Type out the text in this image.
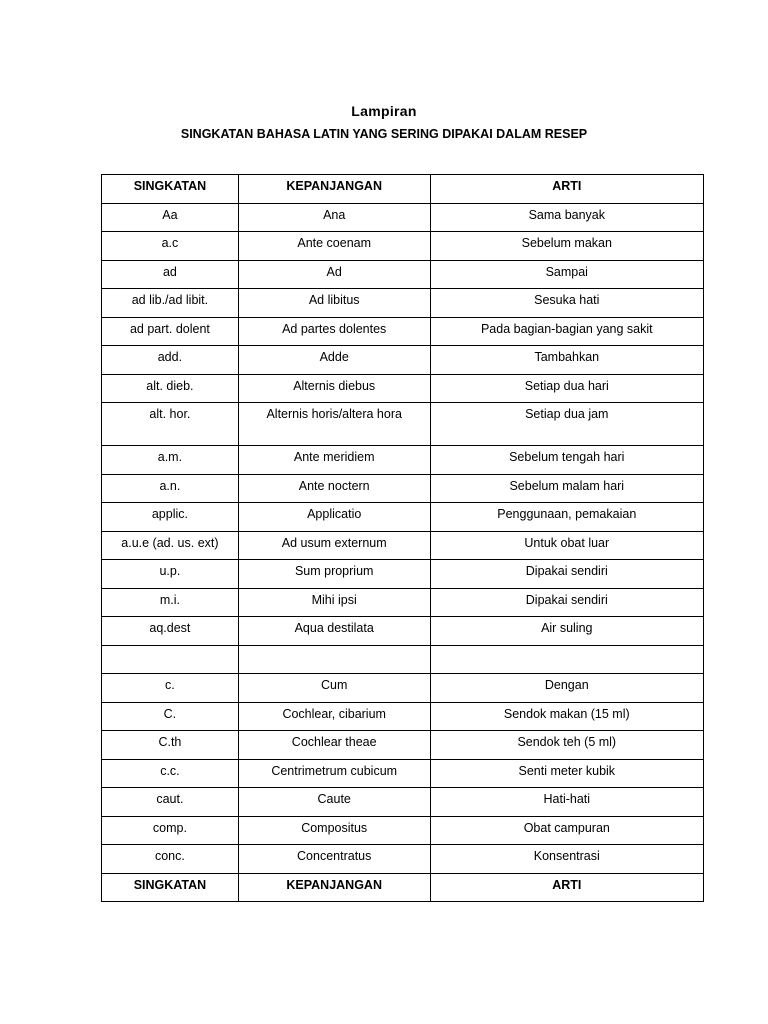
Lampiran
SINGKATAN BAHASA LATIN YANG SERING DIPAKAI DALAM RESEP
SINGKATAN	KEPANJANGAN	ARTI
Aa	Ana	Sama banyak
a.c	Ante coenam	Sebelum makan
ad	Ad	Sampai
ad lib./ad libit.	Ad libitus	Sesuka hati
ad part. dolent	Ad partes dolentes	Pada bagian-bagian yang sakit
add.	Adde	Tambahkan
alt. dieb.	Alternis diebus	Setiap dua hari
alt. hor.	Alternis horis/altera hora	Setiap dua jam
a.m.	Ante meridiem	Sebelum tengah hari
a.n.	Ante noctern	Sebelum malam hari
applic.	Applicatio	Penggunaan, pemakaian
a.u.e (ad. us. ext)	Ad usum externum	Untuk obat luar
u.p.	Sum proprium	Dipakai sendiri
m.i.	Mihi ipsi	Dipakai sendiri
aq.dest	Aqua destilata	Air suling

c.	Cum	Dengan
C.	Cochlear, cibarium	Sendok makan (15 ml)
C.th	Cochlear theae	Sendok teh (5 ml)
c.c.	Centrimetrum cubicum	Senti meter kubik
caut.	Caute	Hati-hati
comp.	Compositus	Obat campuran
conc.	Concentratus	Konsentrasi
SINGKATAN	KEPANJANGAN	ARTI
